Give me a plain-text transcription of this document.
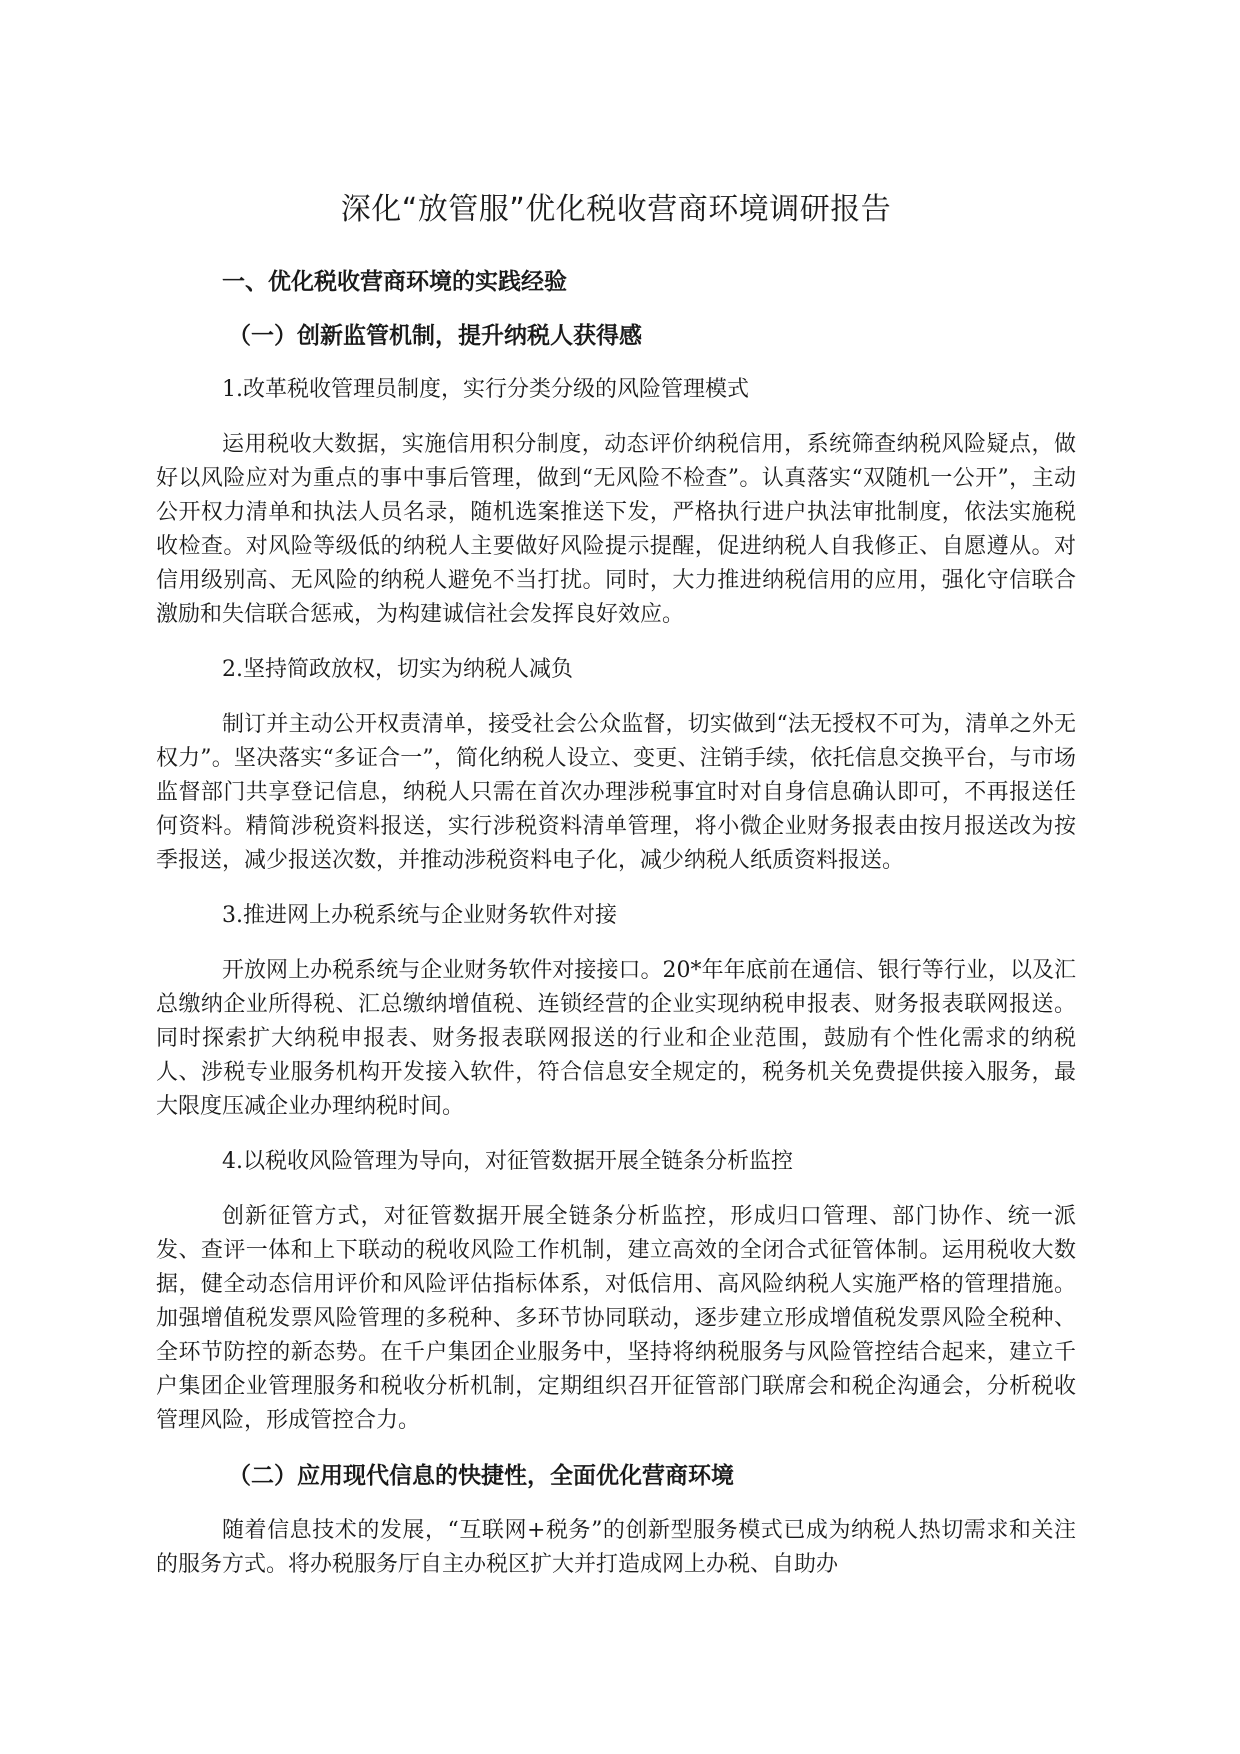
深化“放管服”优化税收营商环境调研报告
一、优化税收营商环境的实践经验
（一）创新监管机制，提升纳税人获得感
1.改革税收管理员制度，实行分类分级的风险管理模式

运用税收大数据，实施信用积分制度，动态评价纳税信用，系统筛查纳税风险疑点，做好以风险应对为重点的事中事后管理，做到“无风险不检查”。认真落实“双随机一公开”，主动公开权力清单和执法人员名录，随机选案推送下发，严格执行进户执法审批制度，依法实施税收检查。对风险等级低的纳税人主要做好风险提示提醒，促进纳税人自我修正、自愿遵从。对信用级别高、无风险的纳税人避免不当打扰。同时，大力推进纳税信用的应用，强化守信联合激励和失信联合惩戒，为构建诚信社会发挥良好效应。

2.坚持简政放权，切实为纳税人减负

制订并主动公开权责清单，接受社会公众监督，切实做到“法无授权不可为，清单之外无权力”。坚决落实“多证合一”，简化纳税人设立、变更、注销手续，依托信息交换平台，与市场监督部门共享登记信息，纳税人只需在首次办理涉税事宜时对自身信息确认即可，不再报送任何资料。精简涉税资料报送，实行涉税资料清单管理，将小微企业财务报表由按月报送改为按季报送，减少报送次数，并推动涉税资料电子化，减少纳税人纸质资料报送。

3.推进网上办税系统与企业财务软件对接

开放网上办税系统与企业财务软件对接接口。20*年年底前在通信、银行等行业，以及汇总缴纳企业所得税、汇总缴纳增值税、连锁经营的企业实现纳税申报表、财务报表联网报送。同时探索扩大纳税申报表、财务报表联网报送的行业和企业范围，鼓励有个性化需求的纳税人、涉税专业服务机构开发接入软件，符合信息安全规定的，税务机关免费提供接入服务，最大限度压减企业办理纳税时间。

4.以税收风险管理为导向，对征管数据开展全链条分析监控

创新征管方式，对征管数据开展全链条分析监控，形成归口管理、部门协作、统一派发、查评一体和上下联动的税收风险工作机制，建立高效的全闭合式征管体制。运用税收大数据，健全动态信用评价和风险评估指标体系，对低信用、高风险纳税人实施严格的管理措施。加强增值税发票风险管理的多税种、多环节协同联动，逐步建立形成增值税发票风险全税种、全环节防控的新态势。在千户集团企业服务中，坚持将纳税服务与风险管控结合起来，建立千户集团企业管理服务和税收分析机制，定期组织召开征管部门联席会和税企沟通会，分析税收管理风险，形成管控合力。

（二）应用现代信息的快捷性，全面优化营商环境

随着信息技术的发展，“互联网+税务”的创新型服务模式已成为纳税人热切需求和关注的服务方式。将办税服务厅自主办税区扩大并打造成网上办税、自助办
